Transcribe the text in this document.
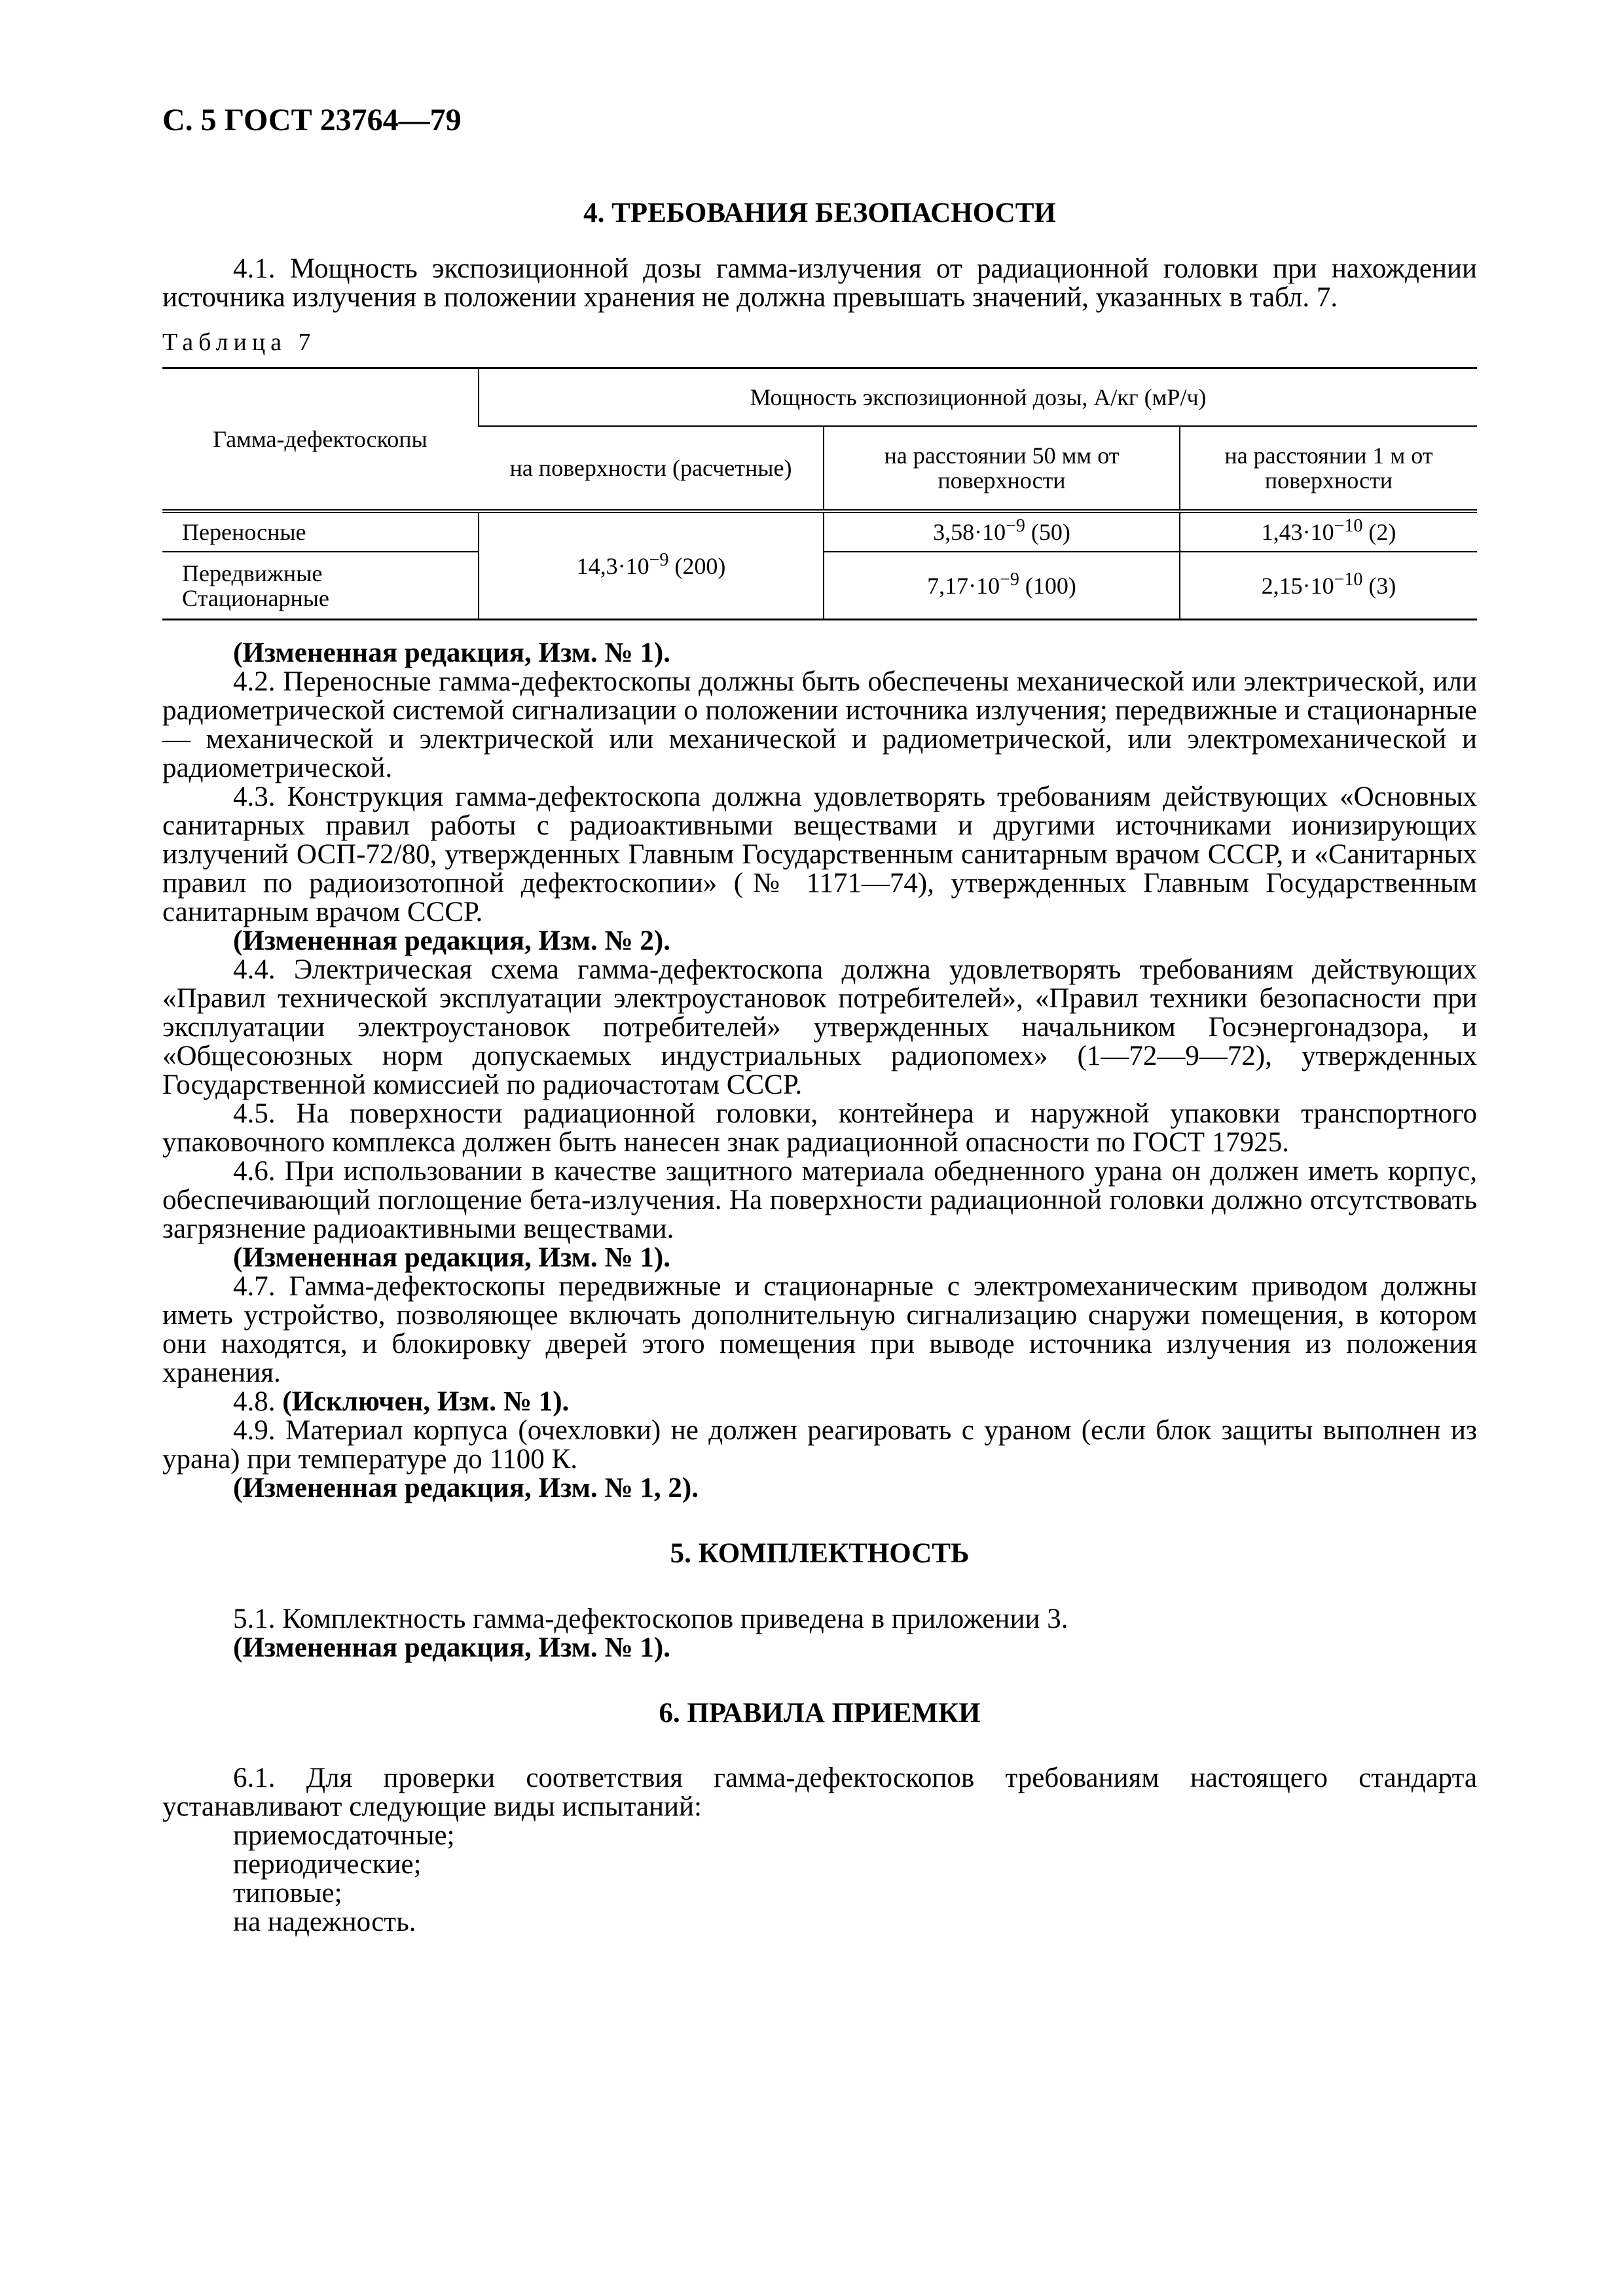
С. 5 ГОСТ 23764—79
4. ТРЕБОВАНИЯ БЕЗОПАСНОСТИ

4.1. Мощность экспозиционной дозы гамма-излучения от радиационной головки при нахождении источника излучения в положении хранения не должна превышать значений, указанных в табл. 7.

Таблица 7
Гамма-дефектоскопы	Мощность экспозиционной дозы, А/кг (мР/ч)		
	на поверхности (расчетные)	на расстоянии 50 мм от поверхности	на расстоянии 1 м от поверхности
Переносные	$14,3\cdot 10^{-9}$ (200)	$3,58\cdot 10^{-9}$ (50)	$1,43\cdot 10^{-10}$ (2)
Передвижные Стационарные		$7,17\cdot 10^{-9}$ (100)	$2,15\cdot 10^{-10}$ (3)
(Измененная редакция, Изм. № 1).

4.2. Переносные гамма-дефектоскопы должны быть обеспечены механической или электрической, или радиометрической системой сигнализации о положении источника излучения; передвижные и стационарные — механической и электрической или механической и радиометрической, или электромеханической и радиометрической.

4.3. Конструкция гамма-дефектоскопа должна удовлетворять требованиям действующих «Основных санитарных правил работы с радиоактивными веществами и другими источниками ионизирующих излучений ОСП-72/80, утвержденных Главным Государственным санитарным врачом СССР, и «Санитарных правил по радиоизотопной дефектоскопии» (№ 1171—74), утвержденных Главным Государственным санитарным врачом СССР.

(Измененная редакция, Изм. № 2).

4.4. Электрическая схема гамма-дефектоскопа должна удовлетворять требованиям действующих «Правил технической эксплуатации электроустановок потребителей», «Правил техники безопасности при эксплуатации электроустановок потребителей» утвержденных начальником Госэнергонадзора, и «Общесоюзных норм допускаемых индустриальных радиопомех» (1—72—9—72), утвержденных Государственной комиссией по радиочастотам СССР.

4.5. На поверхности радиационной головки, контейнера и наружной упаковки транспортного упаковочного комплекса должен быть нанесен знак радиационной опасности по ГОСТ 17925.

4.6. При использовании в качестве защитного материала обедненного урана он должен иметь корпус, обеспечивающий поглощение бета-излучения. На поверхности радиационной головки должно отсутствовать загрязнение радиоактивными веществами.

(Измененная редакция, Изм. № 1).

4.7. Гамма-дефектоскопы передвижные и стационарные с электромеханическим приводом должны иметь устройство, позволяющее включать дополнительную сигнализацию снаружи помещения, в котором они находятся, и блокировку дверей этого помещения при выводе источника излучения из положения хранения.

4.8. (Исключен, Изм. № 1).

4.9. Материал корпуса (очехловки) не должен реагировать с ураном (если блок защиты выполнен из урана) при температуре до 1100 К.

(Измененная редакция, Изм. № 1, 2).
5. КОМПЛЕКТНОСТЬ

5.1. Комплектность гамма-дефектоскопов приведена в приложении 3.

(Измененная редакция, Изм. № 1).
6. ПРАВИЛА ПРИЕМКИ

6.1. Для проверки соответствия гамма-дефектоскопов требованиям настоящего стандарта устанавливают следующие виды испытаний:

приемосдаточные;
периодические;
типовые;
на надежность.
